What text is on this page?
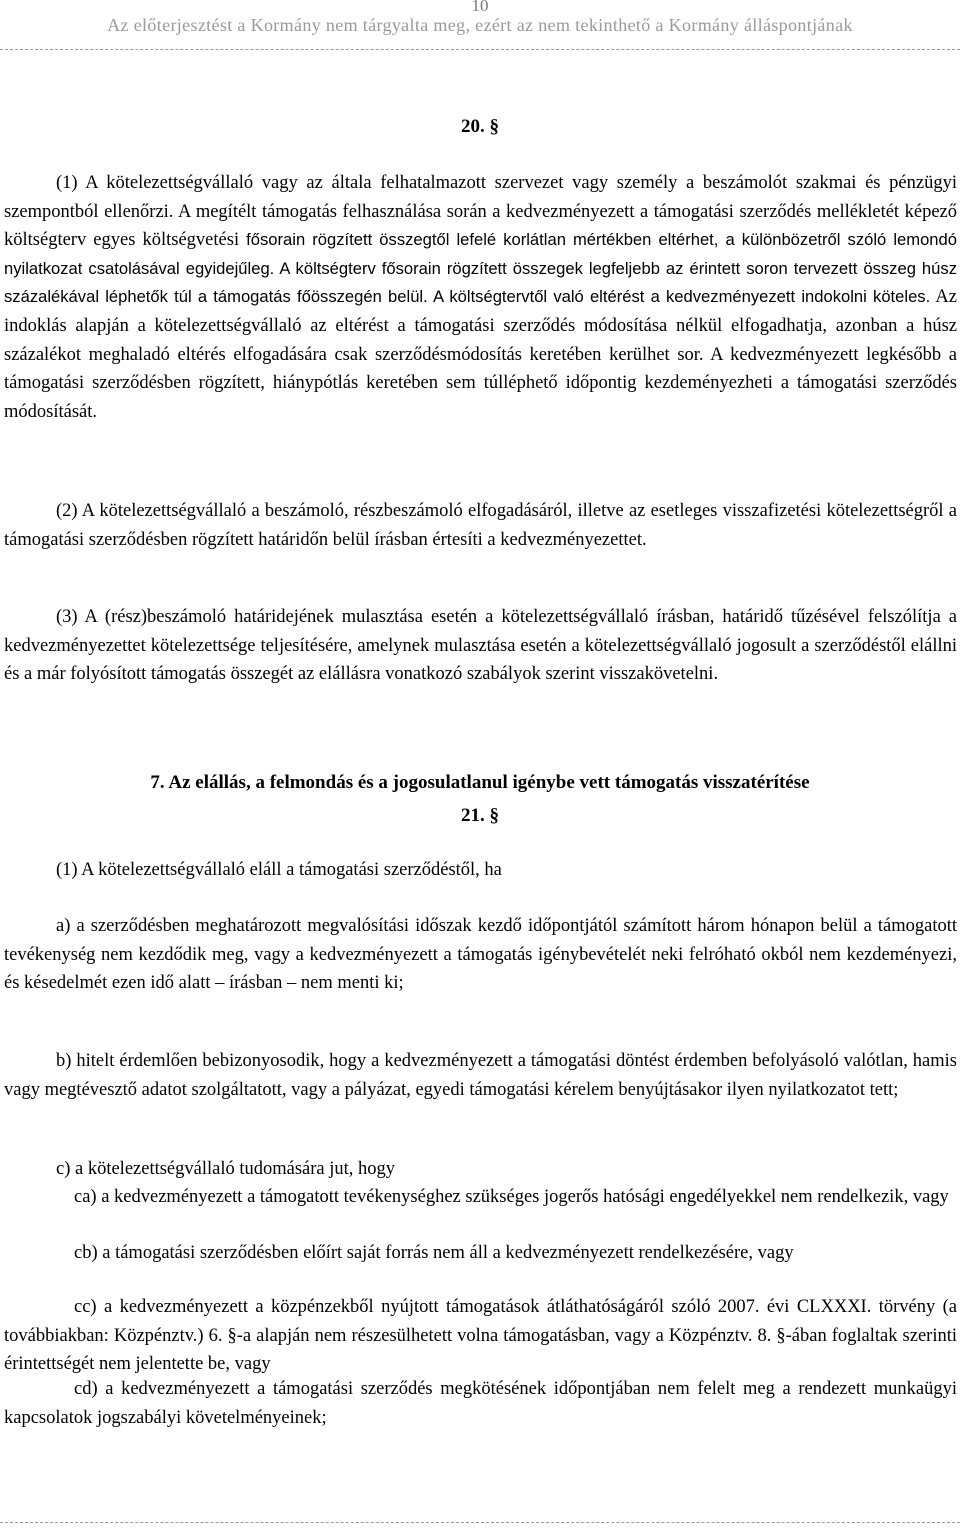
10
Az előterjesztést a Kormány nem tárgyalta meg, ezért az nem tekinthető a Kormány álláspontjának
20. §

(1) A kötelezettségvállaló vagy az általa felhatalmazott szervezet vagy személy a beszámolót szakmai és pénzügyi szempontból ellenőrzi. A megítélt támogatás felhasználása során a kedvezményezett a támogatási szerződés mellékletét képező költségterv egyes költségvetési fősorain rögzített összegtől lefelé korlátlan mértékben eltérhet, a különbözetről szóló lemondó nyilatkozat csatolásával egyidejűleg. A költségterv fősorain rögzített összegek legfeljebb az érintett soron tervezett összeg húsz százalékával léphetők túl a támogatás főösszegén belül. A költségtervtől való eltérést a kedvezményezett indokolni köteles. Az indoklás alapján a kötelezettségvállaló az eltérést a támogatási szerződés módosítása nélkül elfogadhatja, azonban a húsz százalékot meghaladó eltérés elfogadására csak szerződésmódosítás keretében kerülhet sor. A kedvezményezett legkésőbb a támogatási szerződésben rögzített, hiánypótlás keretében sem túlléphető időpontig kezdeményezheti a támogatási szerződés módosítását.

(2) A kötelezettségvállaló a beszámoló, részbeszámoló elfogadásáról, illetve az esetleges visszafizetési kötelezettségről a támogatási szerződésben rögzített határidőn belül írásban értesíti a kedvezményezettet.

(3) A (rész)beszámoló határidejének mulasztása esetén a kötelezettségvállaló írásban, határidő tűzésével felszólítja a kedvezményezettet kötelezettsége teljesítésére, amelynek mulasztása esetén a kötelezettségvállaló jogosult a szerződéstől elállni és a már folyósított támogatás összegét az elállásra vonatkozó szabályok szerint visszakövetelni.

7. Az elállás, a felmondás és a jogosulatlanul igénybe vett támogatás visszatérítése
21. §

(1) A kötelezettségvállaló eláll a támogatási szerződéstől, ha

a) a szerződésben meghatározott megvalósítási időszak kezdő időpontjától számított három hónapon belül a támogatott tevékenység nem kezdődik meg, vagy a kedvezményezett a támogatás igénybevételét neki felróható okból nem kezdeményezi, és késedelmét ezen idő alatt – írásban – nem menti ki;

b) hitelt érdemlően bebizonyosodik, hogy a kedvezményezett a támogatási döntést érdemben befolyásoló valótlan, hamis vagy megtévesztő adatot szolgáltatott, vagy a pályázat, egyedi támogatási kérelem benyújtásakor ilyen nyilatkozatot tett;

c) a kötelezettségvállaló tudomására jut, hogy

ca) a kedvezményezett a támogatott tevékenységhez szükséges jogerős hatósági engedélyekkel nem rendelkezik, vagy

cb) a támogatási szerződésben előírt saját forrás nem áll a kedvezményezett rendelkezésére, vagy

cc) a kedvezményezett a közpénzekből nyújtott támogatások átláthatóságáról szóló 2007. évi CLXXXI. törvény (a továbbiakban: Közpénztv.) 6. §-a alapján nem részesülhetett volna támogatásban, vagy a Közpénztv. 8. §-ában foglaltak szerinti érintettségét nem jelentette be, vagy

cd) a kedvezményezett a támogatási szerződés megkötésének időpontjában nem felelt meg a rendezett munkaügyi kapcsolatok jogszabályi követelményeinek;
